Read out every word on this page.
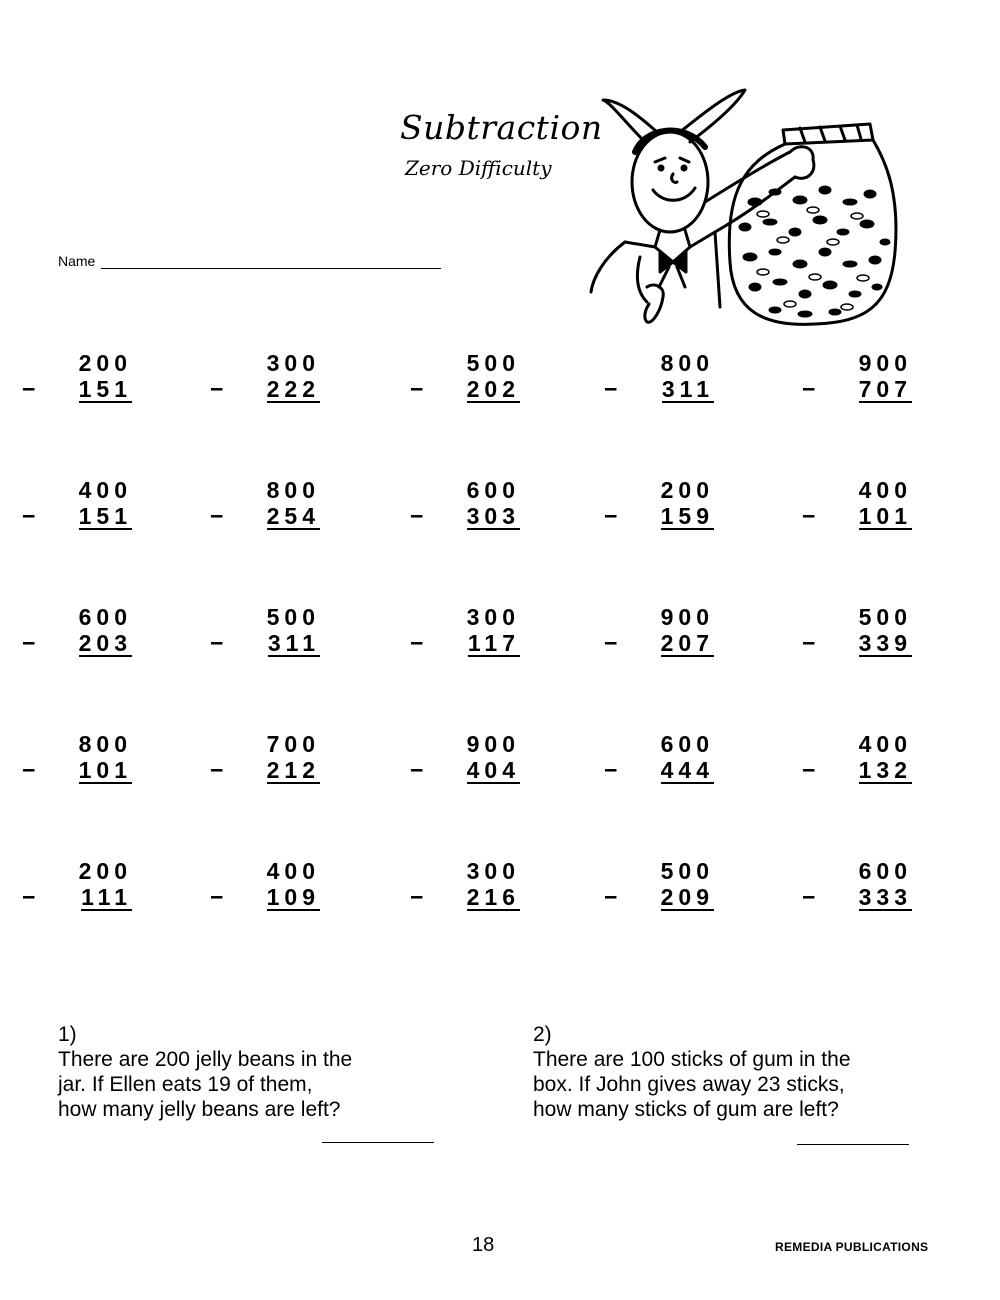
Subtraction
Zero Difficulty
Name
200
− 151
300
− 222
500
− 202
800
− 311
900
− 707
400
− 151
800
− 254
600
− 303
200
− 159
400
− 101
600
− 203
500
− 311
300
− 117
900
− 207
500
− 339
800
− 101
700
− 212
900
− 404
600
− 444
400
− 132
200
− 111
400
− 109
300
− 216
500
− 209
600
− 333
1)
There are 200 jelly beans in the
jar. If Ellen eats 19 of them,
how many jelly beans are left?
2)
There are 100 sticks of gum in the
box. If John gives away 23 sticks,
how many sticks of gum are left?
18	REMEDIA PUBLICATIONS
